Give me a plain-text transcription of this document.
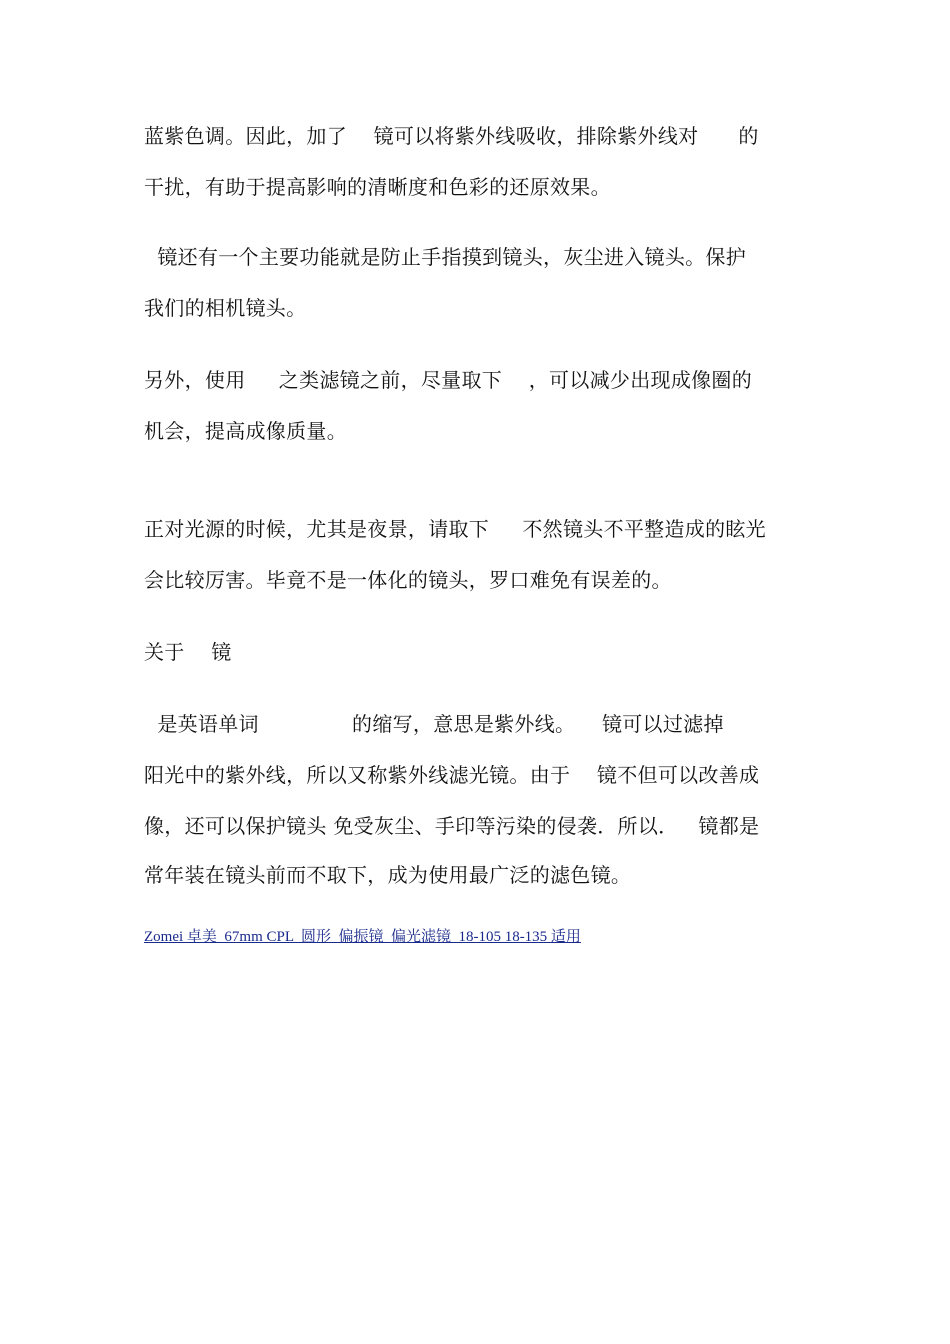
蓝紫色调。因此，加了    镜可以将紫外线吸收，排除紫外线对      的
干扰，有助于提高影响的清晰度和色彩的还原效果。
镜还有一个主要功能就是防止手指摸到镜头，灰尘进入镜头。保护
我们的相机镜头。
另外，使用     之类滤镜之前，尽量取下    ，可以减少出现成像圈的
机会，提高成像质量。
正对光源的时候，尤其是夜景，请取下     不然镜头不平整造成的眩光
会比较厉害。毕竟不是一体化的镜头，罗口难免有误差的。
关于    镜
是英语单词              的缩写，意思是紫外线。    镜可以过滤掉
阳光中的紫外线，所以又称紫外线滤光镜。由于    镜不但可以改善成
像，还可以保护镜头 免受灰尘、手印等污染的侵袭．所以．   镜都是
常年装在镜头前而不取下，成为使用最广泛的滤色镜。
Zomei 卓美  67mm CPL  圆形  偏振镜  偏光滤镜  18-105 18-135 适用
